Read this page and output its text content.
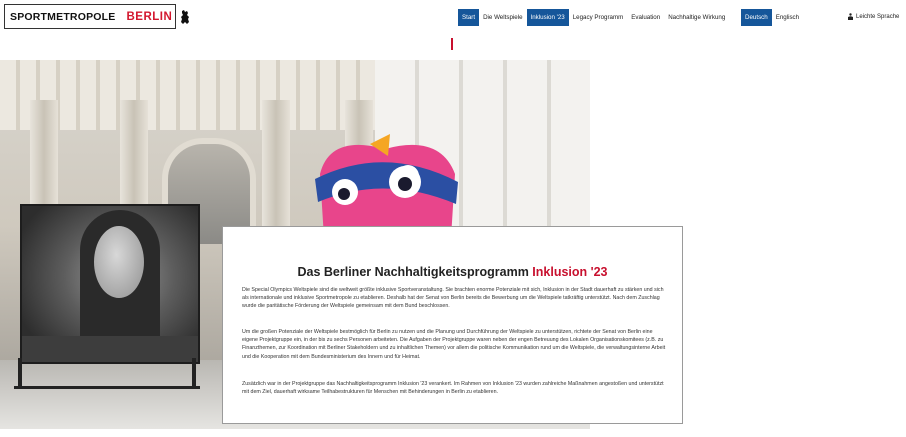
SPORTMETROPOLE BERLIN	Start	Die Weltspiele	Inklusion '23	Legacy Programm	Evaluation	Nachhaltige Wirkung	Deutsch	Englisch	Leichte Sprache
Das Berliner Nachhaltigkeitsprogramm Inklusion '23

Die Special Olympics Weltspiele sind die weltweit größte inklusive Sportveranstaltung. Sie brachten enorme Potenziale mit sich, Inklusion in der Stadt dauerhaft zu stärken und sich als internationale und inklusive Sportmetropole zu etablieren. Deshalb hat der Senat von Berlin bereits die Bewerbung um die Weltspiele tatkräftig unterstützt. Nach dem Zuschlag wurde die paritätische Förderung der Weltspiele gemeinsam mit dem Bund beschlossen.

Um die großen Potenziale der Weltspiele bestmöglich für Berlin zu nutzen und die Planung und Durchführung der Weltspiele zu unterstützen, richtete der Senat von Berlin eine eigene Projektgruppe ein, in der bis zu sechs Personen arbeiteten. Die Aufgaben der Projektgruppe waren neben der engen Betreuung des Lokalen Organisationskomitees (z.B. zu Finanzthemen, zur Koordination mit Berliner Stakeholdern und zu inhaltlichen Themen) vor allem die politische Kommunikation rund um die Weltspiele, die verwaltungsinterne Arbeit und die Kooperation mit dem Bundesministerium des Innern und für Heimat.

Zusätzlich war in der Projektgruppe das Nachhaltigkeitsprogramm Inklusion '23 verankert. Im Rahmen von Inklusion '23 wurden zahlreiche Maßnahmen angestoßen und unterstützt mit dem Ziel, dauerhaft wirksame Teilhabestrukturen für Menschen mit Behinderungen in Berlin zu etablieren.
